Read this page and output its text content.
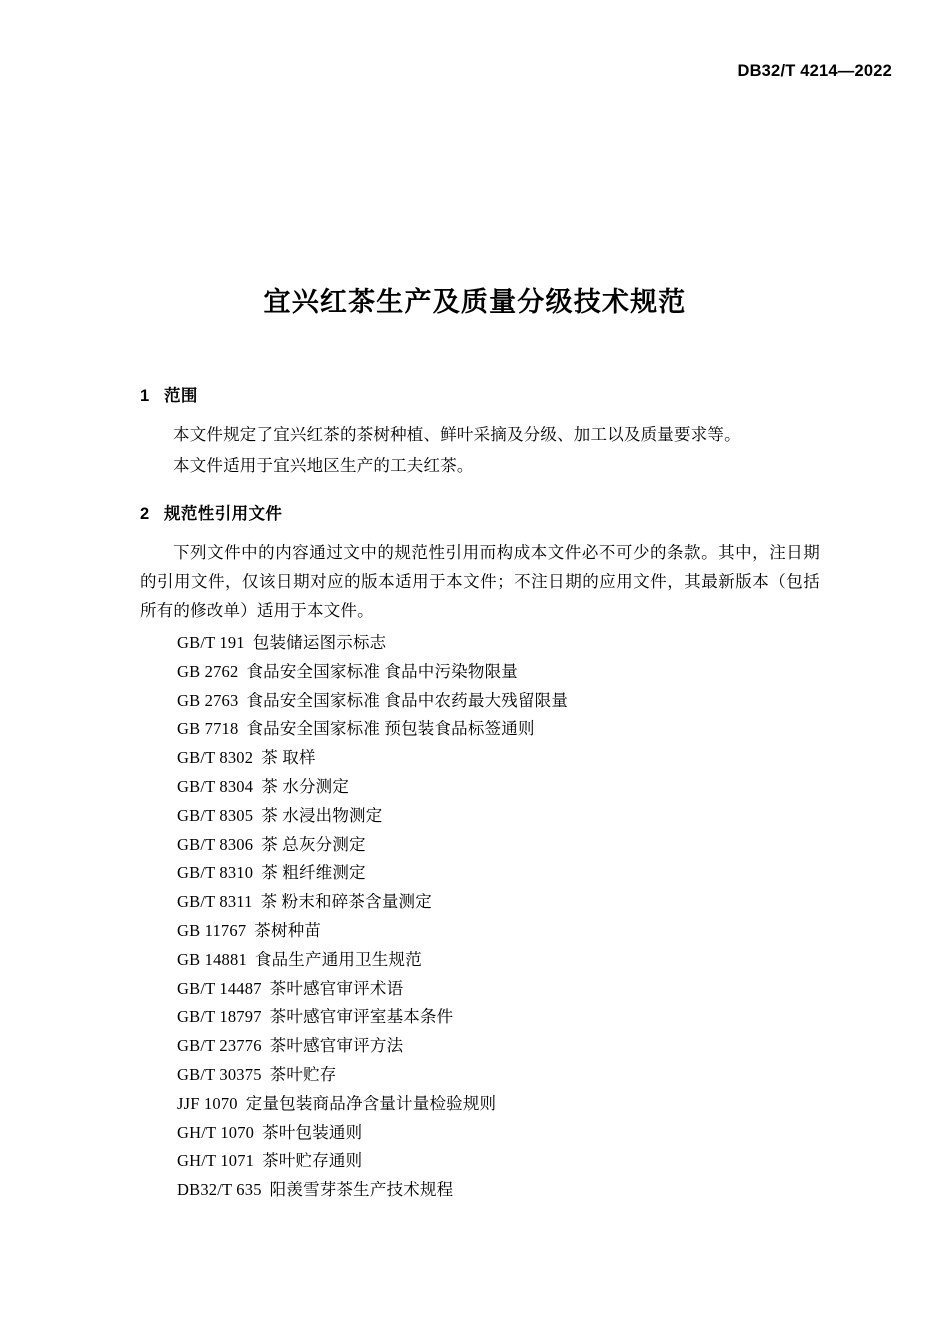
DB32/T 4214—2022
宜兴红茶生产及质量分级技术规范
1 范围

本文件规定了宜兴红茶的茶树种植、鲜叶采摘及分级、加工以及质量要求等。

本文件适用于宜兴地区生产的工夫红茶。

2 规范性引用文件

下列文件中的内容通过文中的规范性引用而构成本文件必不可少的条款。其中，注日期的引用文件，仅该日期对应的版本适用于本文件；不注日期的应用文件，其最新版本（包括所有的修改单）适用于本文件。

GB/T 191 包装储运图示标志
GB 2762 食品安全国家标准 食品中污染物限量
GB 2763 食品安全国家标准 食品中农药最大残留限量
GB 7718 食品安全国家标准 预包装食品标签通则
GB/T 8302 茶 取样
GB/T 8304 茶 水分测定
GB/T 8305 茶 水浸出物测定
GB/T 8306 茶 总灰分测定
GB/T 8310 茶 粗纤维测定
GB/T 8311 茶 粉末和碎茶含量测定
GB 11767 茶树种苗
GB 14881 食品生产通用卫生规范
GB/T 14487 茶叶感官审评术语
GB/T 18797 茶叶感官审评室基本条件
GB/T 23776 茶叶感官审评方法
GB/T 30375 茶叶贮存
JJF 1070 定量包装商品净含量计量检验规则
GH/T 1070 茶叶包装通则
GH/T 1071 茶叶贮存通则
DB32/T 635 阳羡雪芽茶生产技术规程
